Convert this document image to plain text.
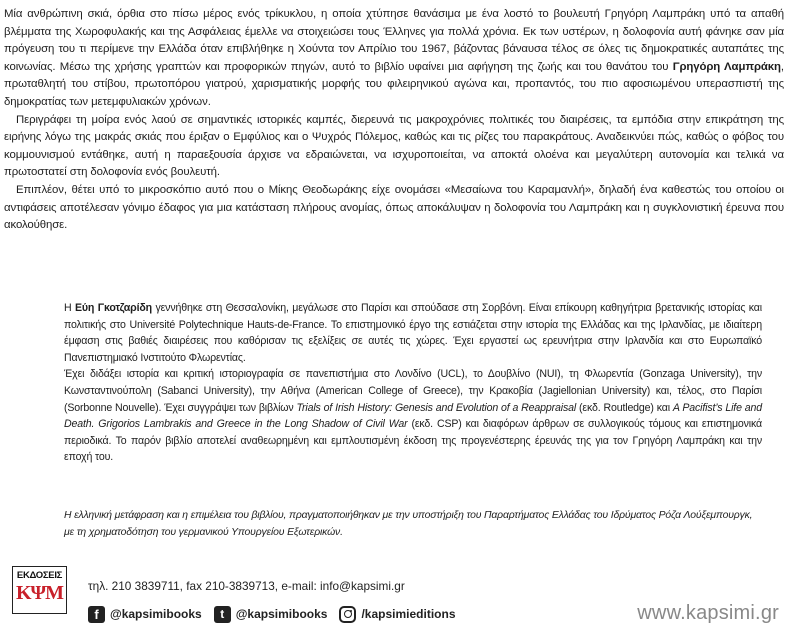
Μία ανθρώπινη σκιά, όρθια στο πίσω μέρος ενός τρίκυκλου, η οποία χτύπησε θανάσιμα με ένα λοστό το βουλευτή Γρηγόρη Λαμπράκη υπό τα απαθή βλέμματα της Χωροφυλακής και της Ασφάλειας έμελλε να στοιχειώσει τους Έλληνες για πολλά χρόνια. Εκ των υστέρων, η δολοφονία αυτή φάνηκε σαν μία πρόγευση του τι περίμενε την Ελλάδα όταν επιβλήθηκε η Χούντα τον Απρίλιο του 1967, βάζοντας βάναυσα τέλος σε όλες τις δημοκρατικές αυταπάτες της κοινωνίας. Μέσω της χρήσης γραπτών και προφορικών πηγών, αυτό το βιβλίο υφαίνει μια αφήγηση της ζωής και του θανάτου του Γρηγόρη Λαμπράκη, πρωταθλητή του στίβου, πρωτοπόρου γιατρού, χαρισματικής μορφής του φιλειρηνικού αγώνα και, προπαντός, του πιο αφοσιωμένου υπερασπιστή της δημοκρατίας των μετεμφυλιακών χρόνων.

Περιγράφει τη μοίρα ενός λαού σε σημαντικές ιστορικές καμπές, διερευνά τις μακροχρόνιες πολιτικές του διαιρέσεις, τα εμπόδια στην επικράτηση της ειρήνης λόγω της μακράς σκιάς που έριξαν ο Εμφύλιος και ο Ψυχρός Πόλεμος, καθώς και τις ρίζες του παρακράτους. Αναδεικνύει πώς, καθώς ο φόβος του κομμουνισμού εντάθηκε, αυτή η παραεξουσία άρχισε να εδραιώνεται, να ισχυροποιείται, να αποκτά ολοένα και μεγαλύτερη αυτονομία και τελικά να πρωτοστατεί στη δολοφονία ενός βουλευτή.

Επιπλέον, θέτει υπό το μικροσκόπιο αυτό που ο Μίκης Θεοδωράκης είχε ονομάσει «Μεσαίωνα του Καραμανλή», δηλαδή ένα καθεστώς του οποίου οι αντιφάσεις αποτέλεσαν γόνιμο έδαφος για μια κατάσταση πλήρους ανομίας, όπως αποκάλυψαν η δολοφονία του Λαμπράκη και η συγκλονιστική έρευνα που ακολούθησε.

Η Εύη Γκοτζαρίδη γεννήθηκε στη Θεσσαλονίκη, μεγάλωσε στο Παρίσι και σπούδασε στη Σορβόνη. Είναι επίκουρη καθηγήτρια βρετανικής ιστορίας και πολιτικής στο Université Polytechnique Hauts-de-France. Το επιστημονικό έργο της εστιάζεται στην ιστορία της Ελλάδας και της Ιρλανδίας, με ιδιαίτερη έμφαση στις βαθιές διαιρέσεις που καθόρισαν τις εξελίξεις σε αυτές τις χώρες. Έχει εργαστεί ως ερευνήτρια στην Ιρλανδία και στο Ευρωπαϊκό Πανεπιστημιακό Ινστιτούτο Φλωρεντίας.

Έχει διδάξει ιστορία και κριτική ιστοριογραφία σε πανεπιστήμια στο Λονδίνο (UCL), το Δουβλίνο (NUI), τη Φλωρεντία (Gonzaga University), την Κωνσταντινούπολη (Sabanci University), την Αθήνα (American College of Greece), την Κρακοβία (Jagiellonian University) και, τέλος, στο Παρίσι (Sorbonne Nouvelle). Έχει συγγράψει των βιβλίων Trials of Irish History: Genesis and Evolution of a Reappraisal (εκδ. Routledge) και A Pacifist’s Life and Death. Grigorios Lambrakis and Greece in the Long Shadow of Civil War (εκδ. CSP) και διαφόρων άρθρων σε συλλογικούς τόμους και επιστημονικά περιοδικά. Το παρόν βιβλίο αποτελεί αναθεωρημένη και εμπλουτισμένη έκδοση της προγενέστερης έρευνάς της για τον Γρηγόρη Λαμπράκη και την εποχή του.

Η ελληνική μετάφραση και η επιμέλεια του βιβλίου, πραγματοποιήθηκαν με την υποστήριξη του Παραρτήματος Ελλάδας του Ιδρύματος Ρόζα Λούξεμπουργκ, με τη χρηματοδότηση του γερμανικού Υπουργείου Εξωτερικών.
ΕΚΔΟΣΕΙΣ
ΚΨΜ τηλ. 210 3839711, fax 210-3839713, e-mail: info@kapsimi.gr
f @kapsimibooks	t @kapsimibooks	/kapsimieditions	www.kapsimi.gr
